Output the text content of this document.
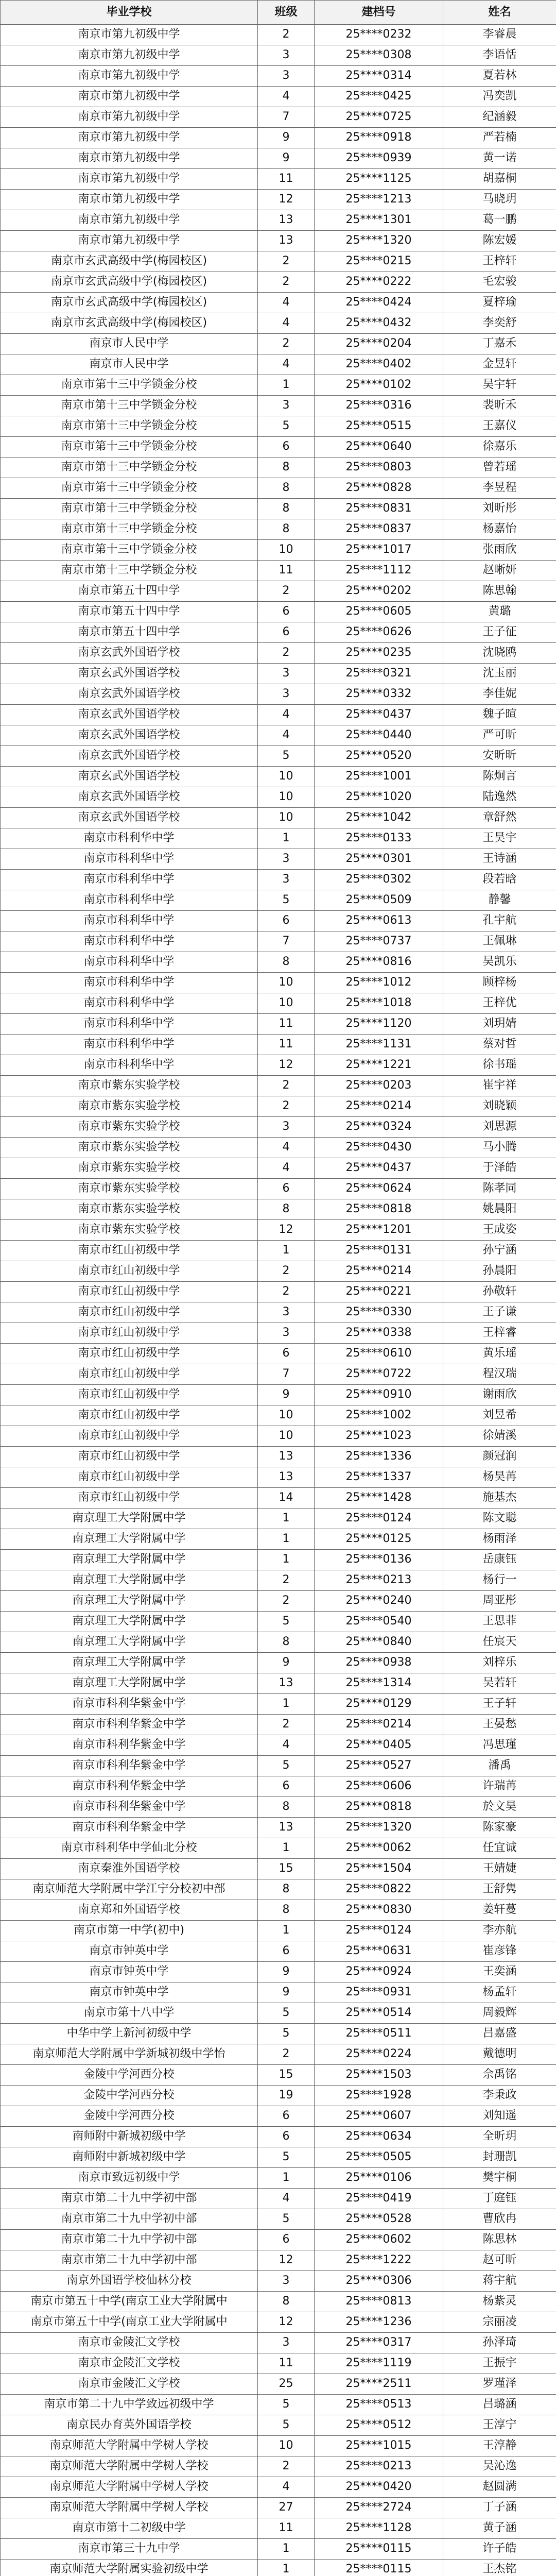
毕业学校	班级	建档号	姓名
南京市第九初级中学	2	25****0232	李睿晨
南京市第九初级中学	3	25****0308	李语恬
南京市第九初级中学	3	25****0314	夏若林
南京市第九初级中学	4	25****0425	冯奕凯
南京市第九初级中学	7	25****0725	纪涵毅
南京市第九初级中学	9	25****0918	严若楠
南京市第九初级中学	9	25****0939	黄一诺
南京市第九初级中学	11	25****1125	胡嘉桐
南京市第九初级中学	12	25****1213	马晓玥
南京市第九初级中学	13	25****1301	葛一鹏
南京市第九初级中学	13	25****1320	陈宏媛
南京市玄武高级中学(梅园校区)	2	25****0215	王梓轩
南京市玄武高级中学(梅园校区)	2	25****0222	毛宏骏
南京市玄武高级中学(梅园校区)	4	25****0424	夏梓瑜
南京市玄武高级中学(梅园校区)	4	25****0432	李奕舒
南京市人民中学	2	25****0204	丁嘉禾
南京市人民中学	4	25****0402	金昱轩
南京市第十三中学锁金分校	1	25****0102	吴宇轩
南京市第十三中学锁金分校	3	25****0316	裴昕禾
南京市第十三中学锁金分校	5	25****0515	王嘉仪
南京市第十三中学锁金分校	6	25****0640	徐嘉乐
南京市第十三中学锁金分校	8	25****0803	曾若瑶
南京市第十三中学锁金分校	8	25****0828	李昱程
南京市第十三中学锁金分校	8	25****0831	刘昕彤
南京市第十三中学锁金分校	8	25****0837	杨嘉怡
南京市第十三中学锁金分校	10	25****1017	张雨欣
南京市第十三中学锁金分校	11	25****1112	赵晰妍
南京市第五十四中学	2	25****0202	陈思翰
南京市第五十四中学	6	25****0605	黄璐
南京市第五十四中学	6	25****0626	王子征
南京玄武外国语学校	2	25****0235	沈晓鸥
南京玄武外国语学校	3	25****0321	沈玉丽
南京玄武外国语学校	3	25****0332	李佳妮
南京玄武外国语学校	4	25****0437	魏子暄
南京玄武外国语学校	4	25****0440	严可昕
南京玄武外国语学校	5	25****0520	安昕昕
南京玄武外国语学校	10	25****1001	陈炯言
南京玄武外国语学校	10	25****1020	陆逸然
南京玄武外国语学校	10	25****1042	章舒然
南京市科利华中学	1	25****0133	王昊宇
南京市科利华中学	3	25****0301	王诗涵
南京市科利华中学	3	25****0302	段若晗
南京市科利华中学	5	25****0509	静馨
南京市科利华中学	6	25****0613	孔宇航
南京市科利华中学	7	25****0737	王佩琳
南京市科利华中学	8	25****0816	吴凯乐
南京市科利华中学	10	25****1012	顾梓杨
南京市科利华中学	10	25****1018	王梓优
南京市科利华中学	11	25****1120	刘玥婧
南京市科利华中学	11	25****1131	蔡对哲
南京市科利华中学	12	25****1221	徐书瑶
南京市紫东实验学校	2	25****0203	崔宇祥
南京市紫东实验学校	2	25****0214	刘晓颖
南京市紫东实验学校	3	25****0324	刘思源
南京市紫东实验学校	4	25****0430	马小腾
南京市紫东实验学校	4	25****0437	于泽皓
南京市紫东实验学校	6	25****0624	陈孝同
南京市紫东实验学校	8	25****0818	姚晨阳
南京市紫东实验学校	12	25****1201	王成姿
南京市红山初级中学	1	25****0131	孙宁涵
南京市红山初级中学	2	25****0214	孙晨阳
南京市红山初级中学	2	25****0221	孙敬轩
南京市红山初级中学	3	25****0330	王子谦
南京市红山初级中学	3	25****0338	王梓睿
南京市红山初级中学	6	25****0610	黄乐瑶
南京市红山初级中学	7	25****0722	程汉瑞
南京市红山初级中学	9	25****0910	谢雨欣
南京市红山初级中学	10	25****1002	刘昱希
南京市红山初级中学	10	25****1023	徐婧溪
南京市红山初级中学	13	25****1336	颜冠润
南京市红山初级中学	13	25****1337	杨昊苒
南京市红山初级中学	14	25****1428	施基杰
南京理工大学附属中学	1	25****0124	陈文聪
南京理工大学附属中学	1	25****0125	杨雨泽
南京理工大学附属中学	1	25****0136	岳康钰
南京理工大学附属中学	2	25****0213	杨行一
南京理工大学附属中学	2	25****0240	周亚彤
南京理工大学附属中学	5	25****0540	王思菲
南京理工大学附属中学	8	25****0840	任宸天
南京理工大学附属中学	9	25****0938	刘梓乐
南京理工大学附属中学	13	25****1314	吴若轩
南京市科利华紫金中学	1	25****0129	王子轩
南京市科利华紫金中学	2	25****0214	王晏愁
南京市科利华紫金中学	4	25****0405	冯思瑾
南京市科利华紫金中学	5	25****0527	潘禹
南京市科利华紫金中学	6	25****0606	许瑞苒
南京市科利华紫金中学	8	25****0818	於文昊
南京市科利华紫金中学	13	25****1320	陈家豪
南京市科利华中学仙北分校	1	25****0062	任宜诚
南京秦淮外国语学校	15	25****1504	王婧婕
南京师范大学附属中学江宁分校初中部	8	25****0822	王舒隽
南京郑和外国语学校	8	25****0830	姜轩蔓
南京市第一中学(初中)	1	25****0124	李亦航
南京市钟英中学	6	25****0631	崔彦锋
南京市钟英中学	9	25****0924	王奕涵
南京市钟英中学	9	25****0931	杨孟轩
南京市第十八中学	5	25****0514	周毅辉
中华中学上新河初级中学	5	25****0511	吕嘉盛
南京师范大学附属中学新城初级中学怡	2	25****0224	戴德明
金陵中学河西分校	15	25****1503	佘禹铭
金陵中学河西分校	19	25****1928	李秉政
金陵中学河西分校	6	25****0607	刘知遥
南师附中新城初级中学	6	25****0634	全昕玥
南师附中新城初级中学	5	25****0505	封珊凯
南京市致远初级中学	1	25****0106	樊宇桐
南京市第二十九中学初中部	4	25****0419	丁庭钰
南京市第二十九中学初中部	5	25****0528	曹欣冉
南京市第二十九中学初中部	6	25****0602	陈思林
南京市第二十九中学初中部	12	25****1222	赵可昕
南京外国语学校仙林分校	3	25****0306	蒋宇航
南京市第五十中学(南京工业大学附属中	8	25****0813	杨紫灵
南京市第五十中学(南京工业大学附属中	12	25****1236	宗丽凌
南京市金陵汇文学校	3	25****0317	孙泽琦
南京市金陵汇文学校	11	25****1119	王振宇
南京市金陵汇文学校	25	25****2511	罗瑾泽
南京市第二十九中学致远初级中学	5	25****0513	吕璐涵
南京民办育英外国语学校	5	25****0512	王淳宁
南京师范大学附属中学树人学校	10	25****1015	王淳静
南京师范大学附属中学树人学校	2	25****0213	吴沁逸
南京师范大学附属中学树人学校	4	25****0420	赵圆满
南京师范大学附属中学树人学校	27	25****2724	丁子涵
南京市第十二初级中学	11	25****1128	黄子涵
南京市第三十九中学	1	25****0115	许子皓
南京师范大学附属实验初级中学	1	25****0115	王杰铭
